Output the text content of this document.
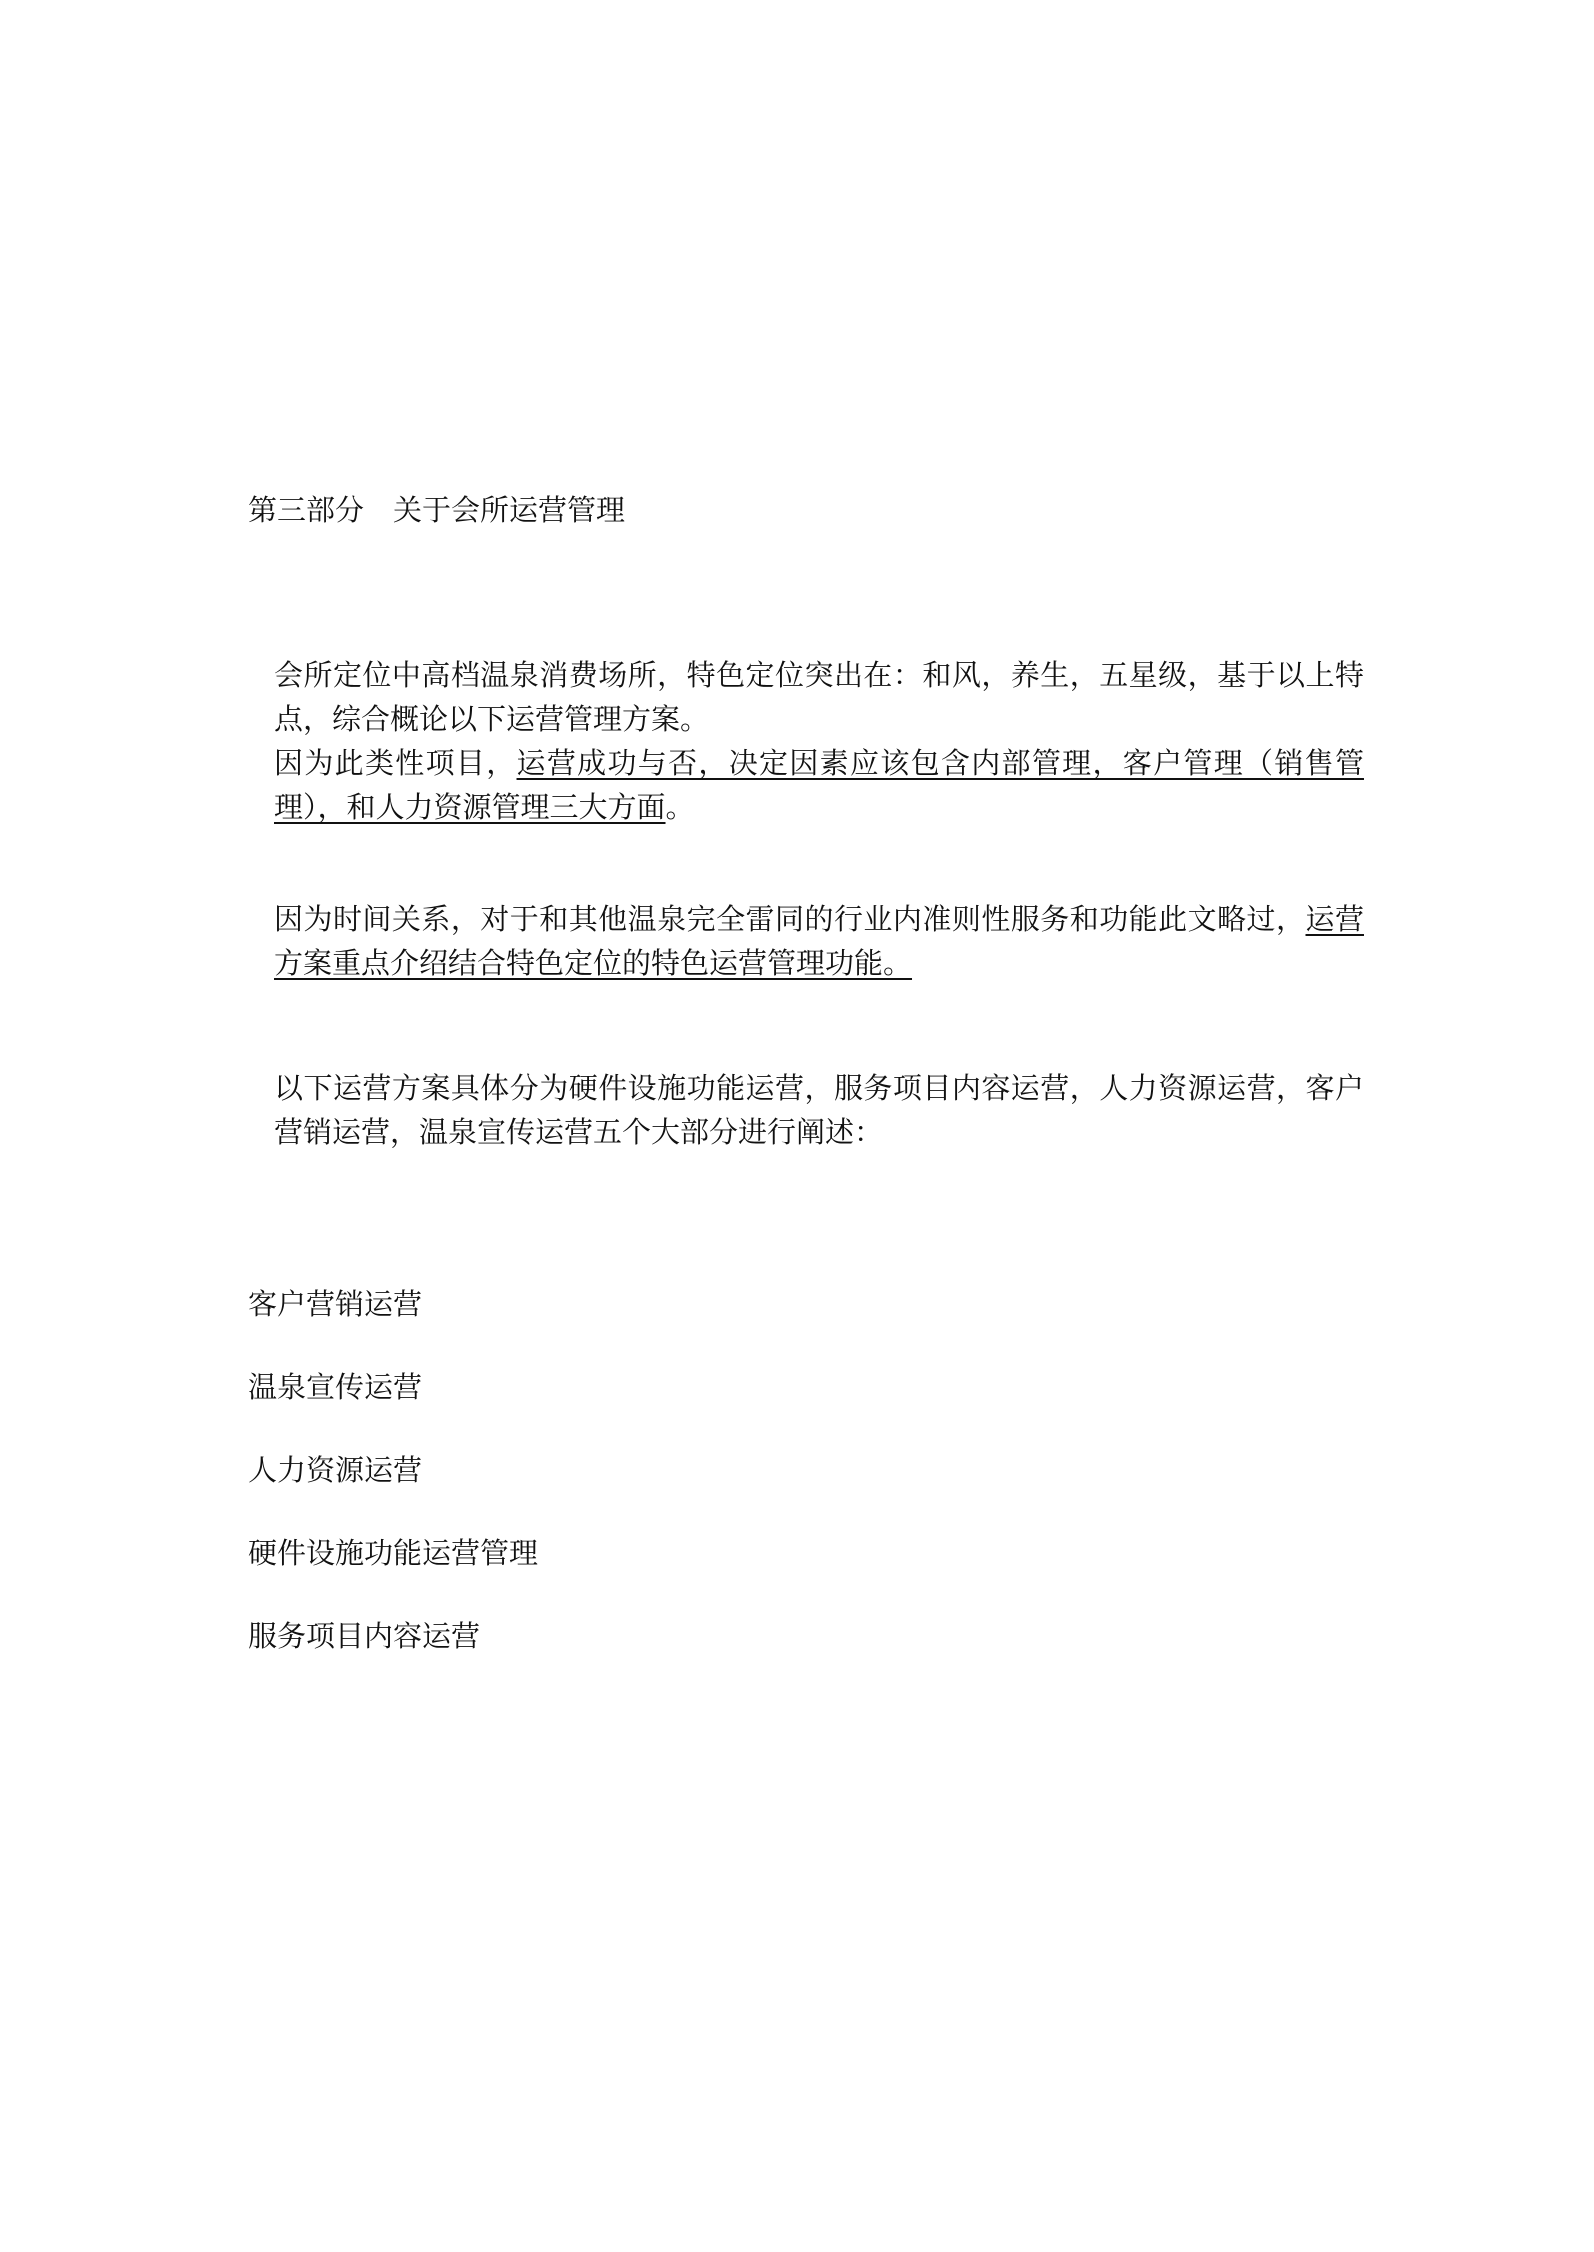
第三部分　关于会所运营管理

会所定位中高档温泉消费场所，特色定位突出在：和风，养生，五星级，基于以上特点，综合概论以下运营管理方案。
因为此类性项目，运营成功与否，决定因素应该包含内部管理，客户管理（销售管理），和人力资源管理三大方面。

因为时间关系，对于和其他温泉完全雷同的行业内准则性服务和功能此文略过，运营方案重点介绍结合特色定位的特色运营管理功能。

以下运营方案具体分为硬件设施功能运营，服务项目内容运营，人力资源运营，客户营销运营，温泉宣传运营五个大部分进行阐述：

客户营销运营
温泉宣传运营
人力资源运营
硬件设施功能运营管理
服务项目内容运营
